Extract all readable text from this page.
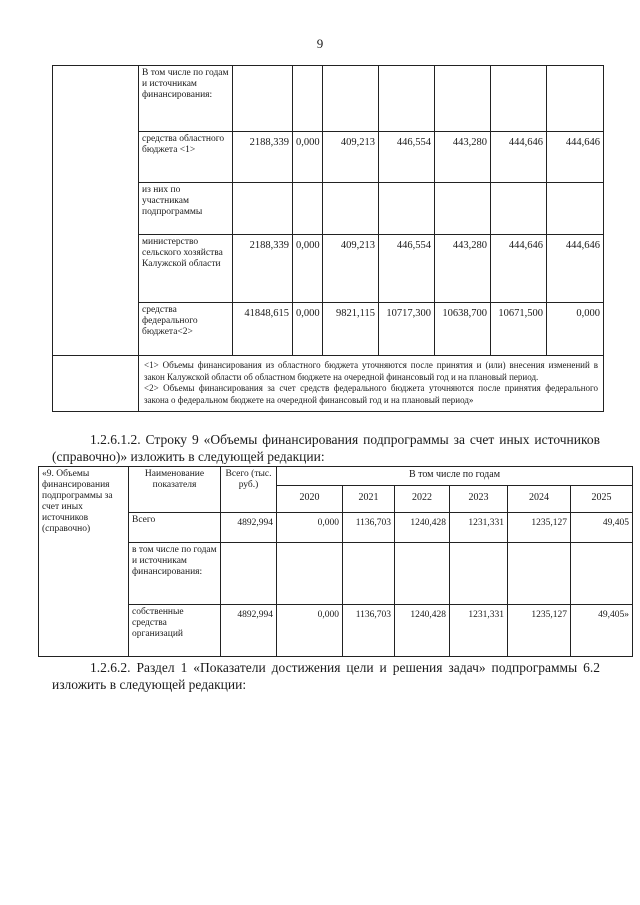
9
	В том числе по годам и источникам финансирования:							
	средства областного бюджета <1>	2188,339	0,000	409,213	446,554	443,280	444,646	444,646
	из них по участникам подпрограммы							
	министерство сельского хозяйства Калужской области	2188,339	0,000	409,213	446,554	443,280	444,646	444,646
	средства федерального бюджета<2>	41848,615	0,000	9821,115	10717,300	10638,700	10671,500	0,000

	<1> Объемы финансирования из областного бюджета уточняются после принятия и (или) внесения изменений в закон Калужской области об областном бюджете на очередной финансовый год и на плановый период.
<2> Объемы финансирования за счет средств федерального бюджета уточняются после принятия федерального закона о федеральном бюджете на очередной финансовый год и на плановый период»							
1.2.6.1.2. Строку 9 «Объемы финансирования подпрограммы за счет иных источников (справочно)» изложить в следующей редакции:
«9. Объемы финансирования подпрограммы за счет иных источников (справочно)	Наименование показателя	Всего (тыс. руб.)	В том числе по годам					
			2020	2021	2022	2023	2024	2025
	Всего	4892,994	0,000	1136,703	1240,428	1231,331	1235,127	49,405
	в том числе по годам и источникам финансирования:							
	собственные средства организаций	4892,994	0,000	1136,703	1240,428	1231,331	1235,127	49,405»
1.2.6.2. Раздел 1 «Показатели достижения цели и решения задач» подпрограммы 6.2 изложить в следующей редакции:
